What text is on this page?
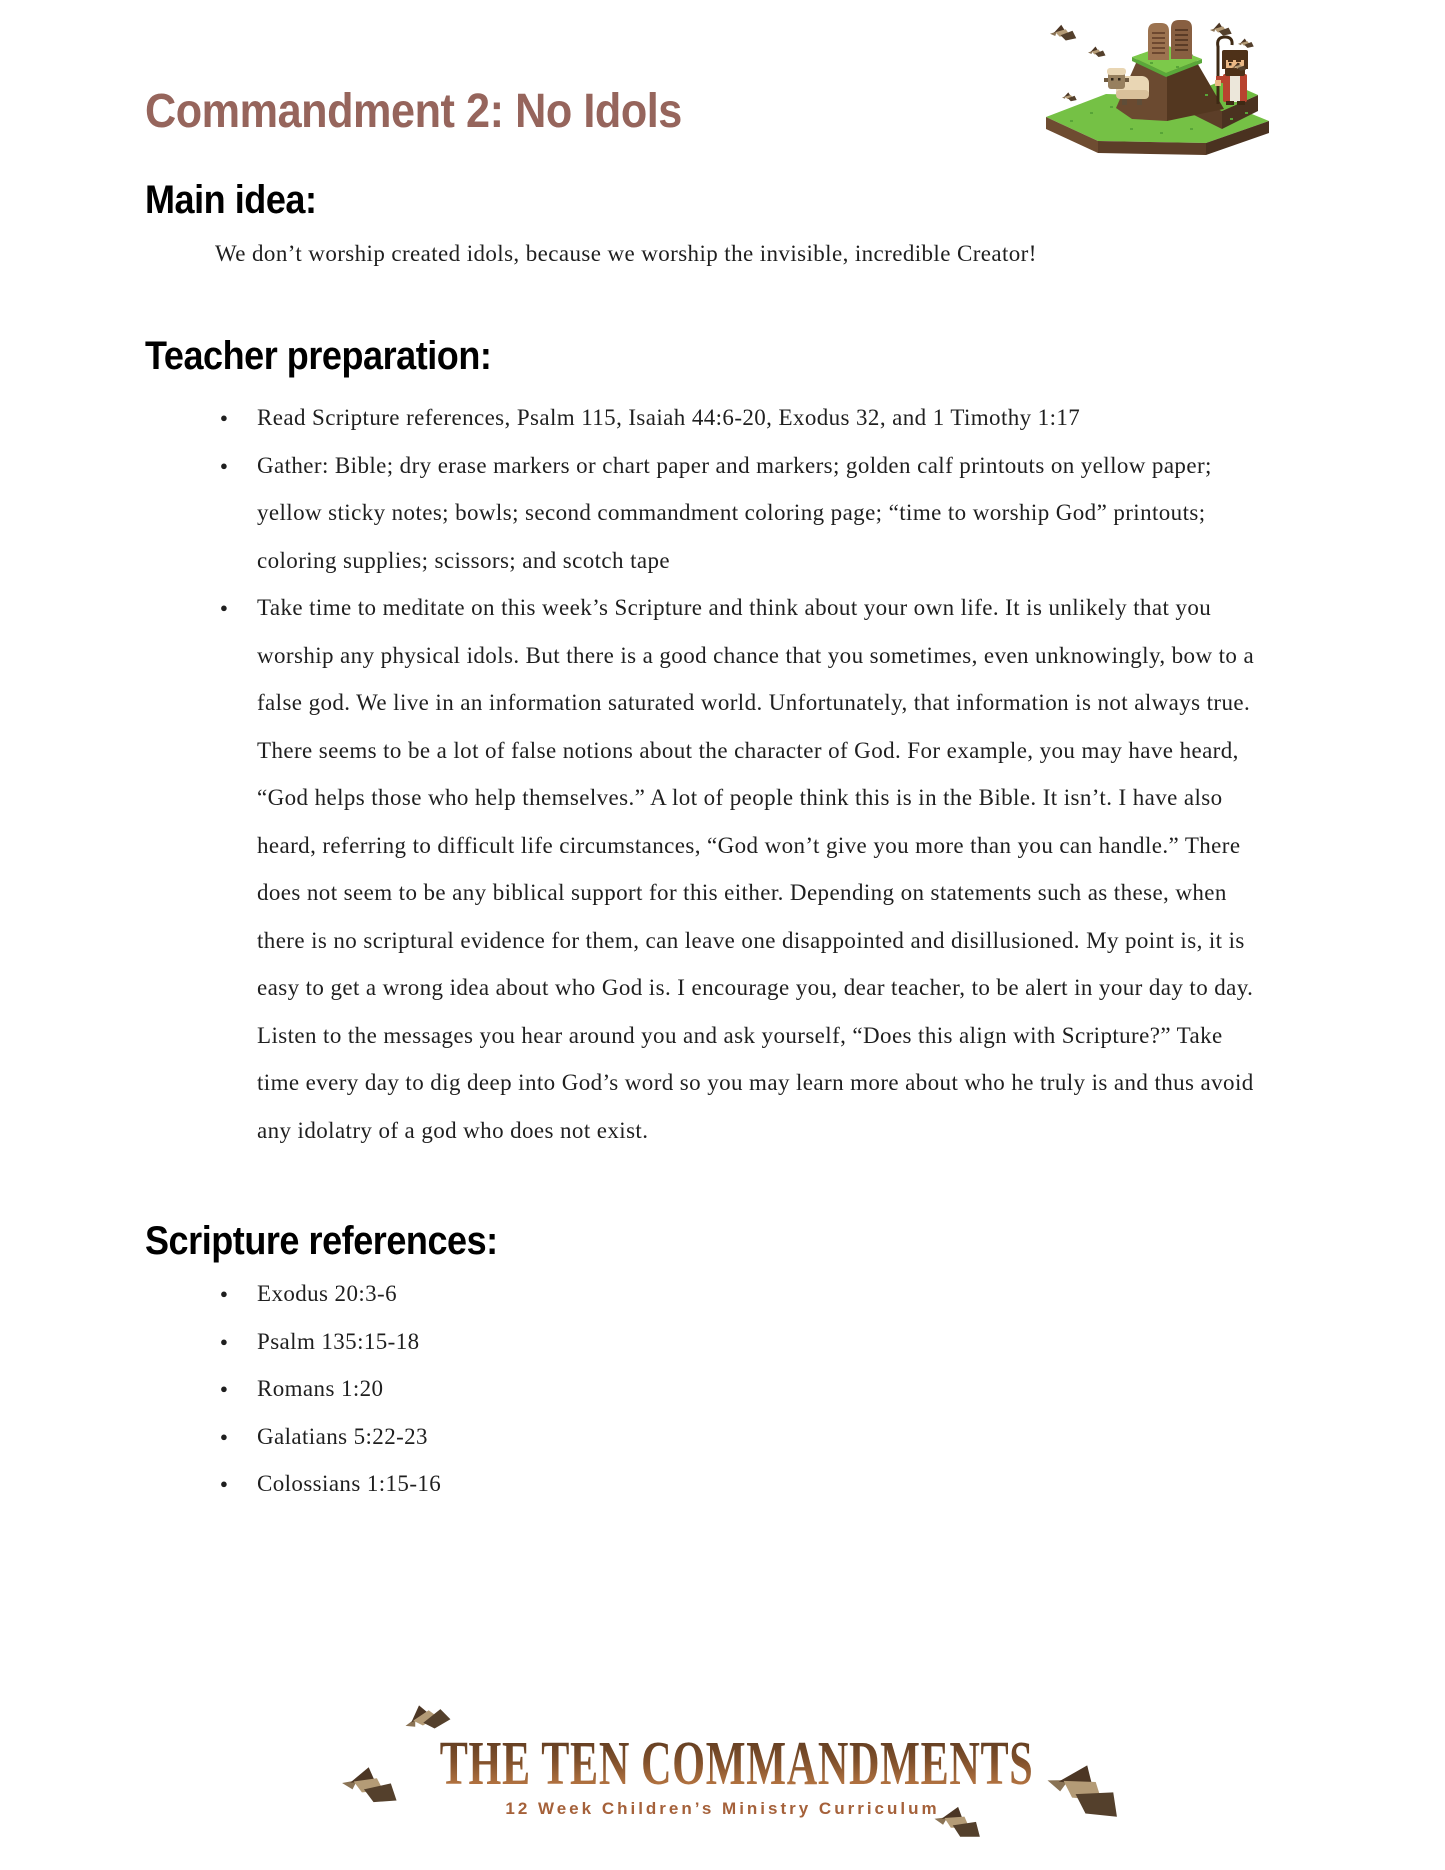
Commandment 2: No Idols
Main idea:

We don’t worship created idols, because we worship the invisible, incredible Creator!

Teacher preparation:
● Read Scripture references, Psalm 115, Isaiah 44:6-20, Exodus 32, and 1 Timothy 1:17
● Gather: Bible; dry erase markers or chart paper and markers; golden calf printouts on yellow paper; yellow sticky notes; bowls; second commandment coloring page; “time to worship God” printouts; coloring supplies; scissors; and scotch tape
● Take time to meditate on this week’s Scripture and think about your own life. It is unlikely that you worship any physical idols. But there is a good chance that you sometimes, even unknowingly, bow to a false god. We live in an information saturated world. Unfortunately, that information is not always true. There seems to be a lot of false notions about the character of God. For example, you may have heard, “God helps those who help themselves.” A lot of people think this is in the Bible. It isn’t. I have also heard, referring to difficult life circumstances, “God won’t give you more than you can handle.” There does not seem to be any biblical support for this either. Depending on statements such as these, when there is no scriptural evidence for them, can leave one disappointed and disillusioned. My point is, it is easy to get a wrong idea about who God is. I encourage you, dear teacher, to be alert in your day to day. Listen to the messages you hear around you and ask yourself, “Does this align with Scripture?” Take time every day to dig deep into God’s word so you may learn more about who he truly is and thus avoid any idolatry of a god who does not exist.
Scripture references:
● Exodus 20:3-6
● Psalm 135:15-18
● Romans 1:20
● Galatians 5:22-23
● Colossians 1:15-16
THE TEN COMMANDMENTS
12 Week Children’s Ministry Curriculum
